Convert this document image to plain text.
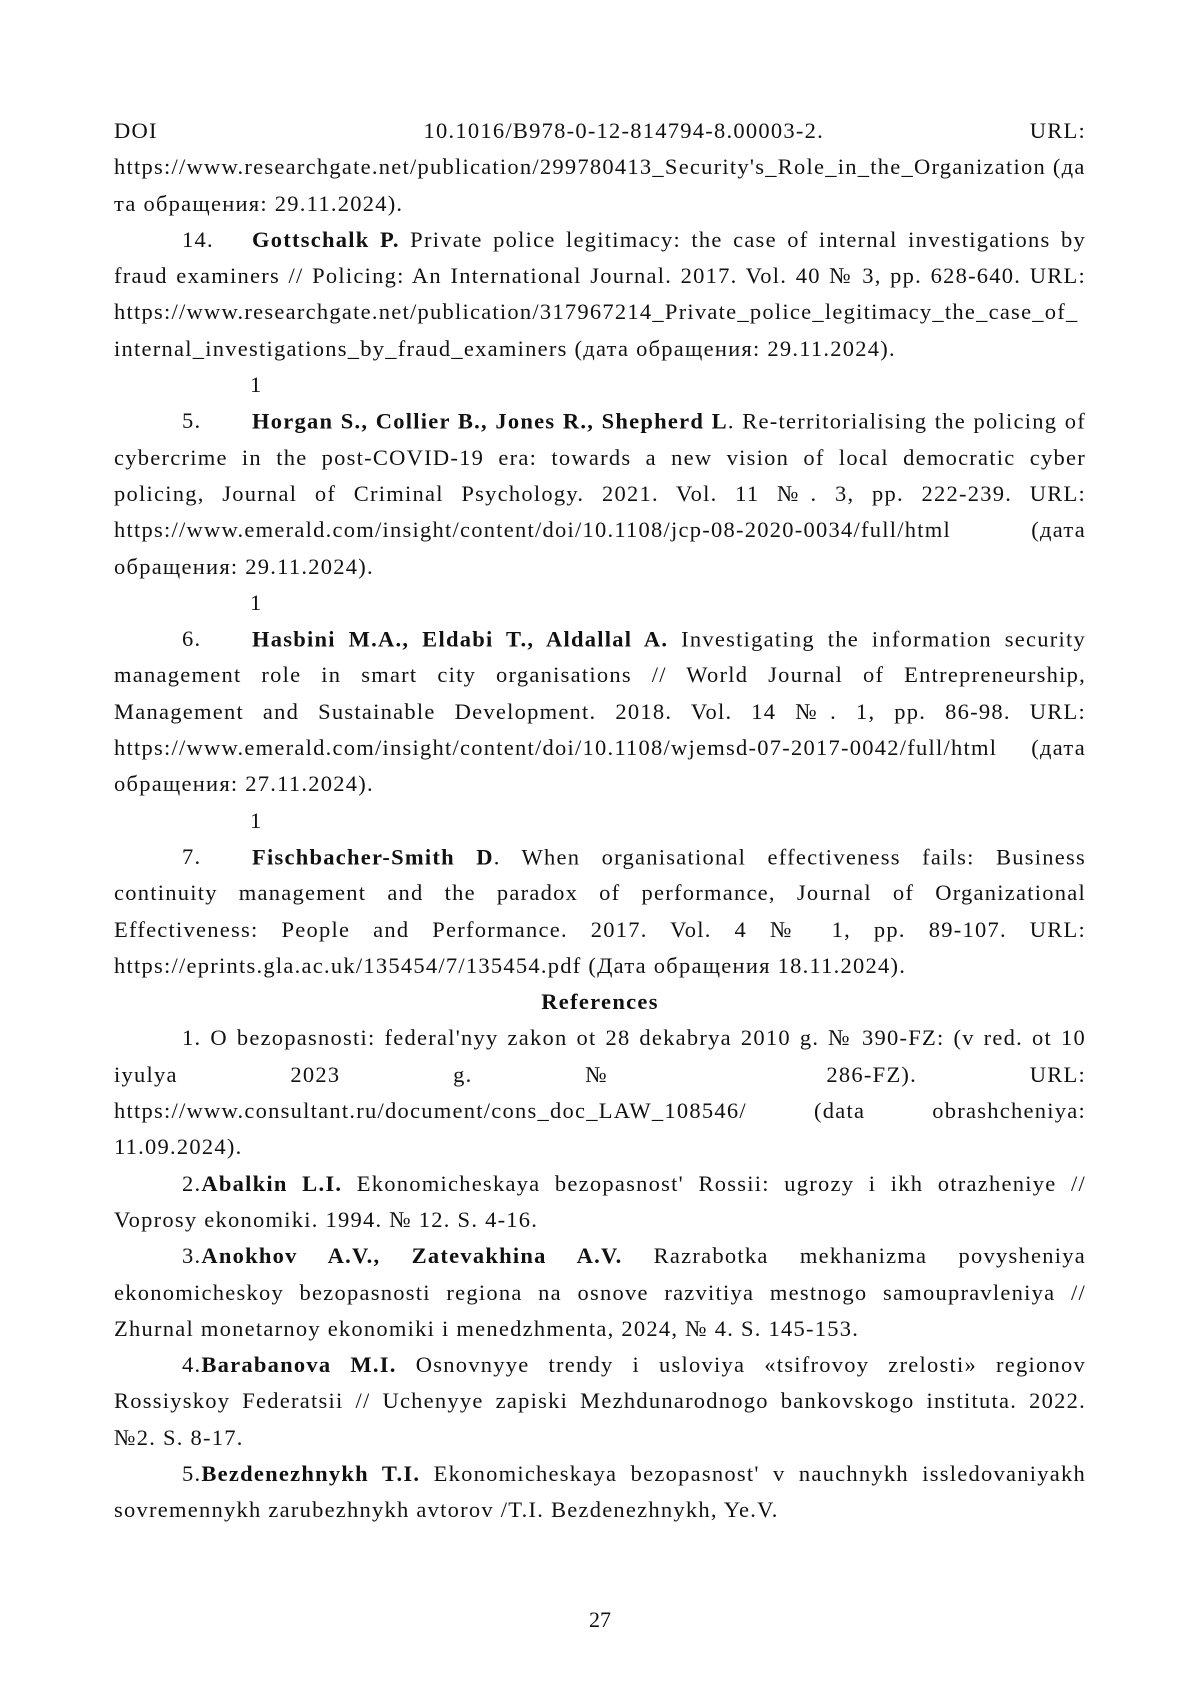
DOI	10.1016/B978-0-12-814794-8.00003-2.	URL:

https://www.researchgate.net/publication/299780413_Security's_Role_in_the_Organization (дата обращения: 29.11.2024).

14. Gottschalk P. Private police legitimacy: the case of internal investigations by fraud examiners // Policing: An International Journal. 2017. Vol. 40 № 3, pp. 628-640. URL: https://www.researchgate.net/publication/317967214_Private_police_legitimacy_the_case_of_internal_investigations_by_fraud_examiners (дата обращения: 29.11.2024).

15. Horgan S., Collier B., Jones R., Shepherd L. Re-territorialising the policing of cybercrime in the post-COVID-19 era: towards a new vision of local democratic cyber policing, Journal of Criminal Psychology. 2021. Vol. 11 №. 3, pp. 222-239. URL: https://www.emerald.com/insight/content/doi/10.1108/jcp-08-2020-0034/full/html (дата обращения: 29.11.2024).

16. Hasbini M.A., Eldabi T., Aldallal A. Investigating the information security management role in smart city organisations // World Journal of Entrepreneurship, Management and Sustainable Development. 2018. Vol. 14 №. 1, pp. 86-98. URL: https://www.emerald.com/insight/content/doi/10.1108/wjemsd-07-2017-0042/full/html (дата обращения: 27.11.2024).

17. Fischbacher-Smith D. When organisational effectiveness fails: Business continuity management and the paradox of performance, Journal of Organizational Effectiveness: People and Performance. 2017. Vol. 4 № 1, pp. 89-107. URL: https://eprints.gla.ac.uk/135454/7/135454.pdf (Дата обращения 18.11.2024).

References

1. O bezopasnosti: federal'nyy zakon ot 28 dekabrya 2010 g. № 390-FZ: (v red. ot 10 iyulya 2023 g. № 286-FZ). URL: https://www.consultant.ru/document/cons_doc_LAW_108546/ (data obrashcheniya: 11.09.2024).

2.Abalkin L.I. Ekonomicheskaya bezopasnost' Rossii: ugrozy i ikh otrazheniye // Voprosy ekonomiki. 1994. № 12. S. 4-16.

3.Anokhov A.V., Zatevakhina A.V. Razrabotka mekhanizma povysheniya ekonomicheskoy bezopasnosti regiona na osnove razvitiya mestnogo samoupravleniya // Zhurnal monetarnoy ekonomiki i menedzhmenta, 2024, № 4. S. 145-153.

4.Barabanova M.I. Osnovnyye trendy i usloviya «tsifrovoy zrelosti» regionov Rossiyskoy Federatsii // Uchenyye zapiski Mezhdunarodnogo bankovskogo instituta. 2022. №2. S. 8-17.

5.Bezdenezhnykh T.I. Ekonomicheskaya bezopasnost' v nauchnykh issledovaniyakh sovremennykh zarubezhnykh avtorov /T.I. Bezdenezhnykh, Ye.V.

27
